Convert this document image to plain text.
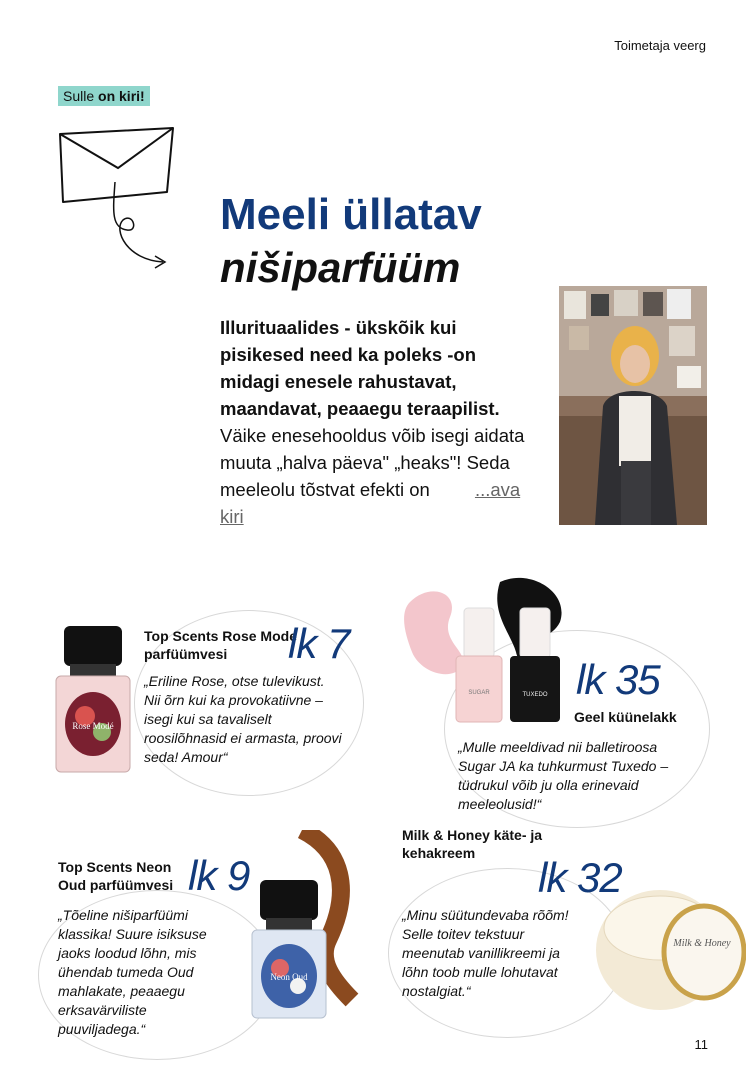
Toimetaja veerg
Sulle on kiri!
Meeli üllatav
nišiparfüüm
Illurituaalides - ükskõik kui pisikesed need ka poleks -on midagi enesele rahustavat, maandavat, peaaegu teraapilist. Väike enesehooldus võib isegi aidata muuta „halva päeva" „heaks"! Seda meeleolu tõstvat efekti on ...ava kiri
Rose Modé
Top Scents Rose Mode parfüümvesi	lk 7
„Eriline Rose, otse tulevikust. Nii õrn kui ka provokatiivne – isegi kui sa tavaliselt roosilõhnasid ei armasta, proovi seda! Amour“
SUGAR	TUXEDO lk 35
Geel küünelakk
„Mulle meeldivad nii balletiroosa Sugar JA ka tuhkurmust Tuxedo – tüdrukul võib ju olla erinevaid meeleolusid!“
Neon Oud
Top Scents Neon Oud parfüümvesi lk 9
„Tõeline nišiparfüümi klassika! Suure isiksuse jaoks loodud lõhn, mis ühendab tumeda Oud mahlakate, peaaegu erksavärviliste puuviljadega.“
Milk & Honey käte- ja kehakreem
lk 32
„Minu süütundevaba rõõm! Selle toitev tekstuur meenutab vanillikreemi ja lõhn toob mulle lohutavat nostalgiat.“
Milk & Honey
11
